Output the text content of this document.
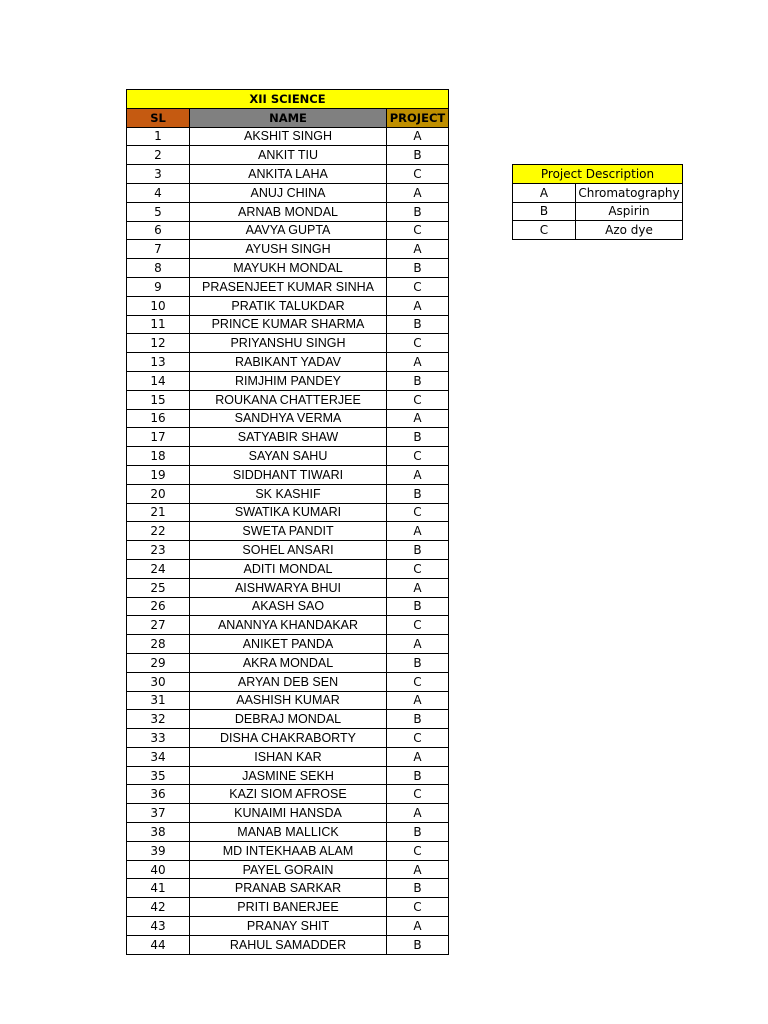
XII SCIENCE		
SL	NAME	PROJECT
1	AKSHIT SINGH	A
2	ANKIT TIU	B
3	ANKITA LAHA	C
4	ANUJ CHINA	A
5	ARNAB MONDAL	B
6	AAVYA GUPTA	C
7	AYUSH SINGH	A
8	MAYUKH MONDAL	B
9	PRASENJEET KUMAR SINHA	C
10	PRATIK TALUKDAR	A
11	PRINCE KUMAR SHARMA	B
12	PRIYANSHU SINGH	C
13	RABIKANT YADAV	A
14	RIMJHIM PANDEY	B
15	ROUKANA CHATTERJEE	C
16	SANDHYA VERMA	A
17	SATYABIR SHAW	B
18	SAYAN SAHU	C
19	SIDDHANT TIWARI	A
20	SK KASHIF	B
21	SWATIKA KUMARI	C
22	SWETA PANDIT	A
23	SOHEL ANSARI	B
24	ADITI MONDAL	C
25	AISHWARYA BHUI	A
26	AKASH SAO	B
27	ANANNYA KHANDAKAR	C
28	ANIKET PANDA	A
29	AKRA MONDAL	B
30	ARYAN DEB SEN	C
31	AASHISH KUMAR	A
32	DEBRAJ MONDAL	B
33	DISHA CHAKRABORTY	C
34	ISHAN KAR	A
35	JASMINE SEKH	B
36	KAZI SIOM AFROSE	C
37	KUNAIMI HANSDA	A
38	MANAB MALLICK	B
39	MD INTEKHAAB ALAM	C
40	PAYEL GORAIN	A
41	PRANAB SARKAR	B
42	PRITI BANERJEE	C
43	PRANAY SHIT	A
44	RAHUL SAMADDER	B
Project Description	
A	Chromatography
B	Aspirin
C	Azo dye
